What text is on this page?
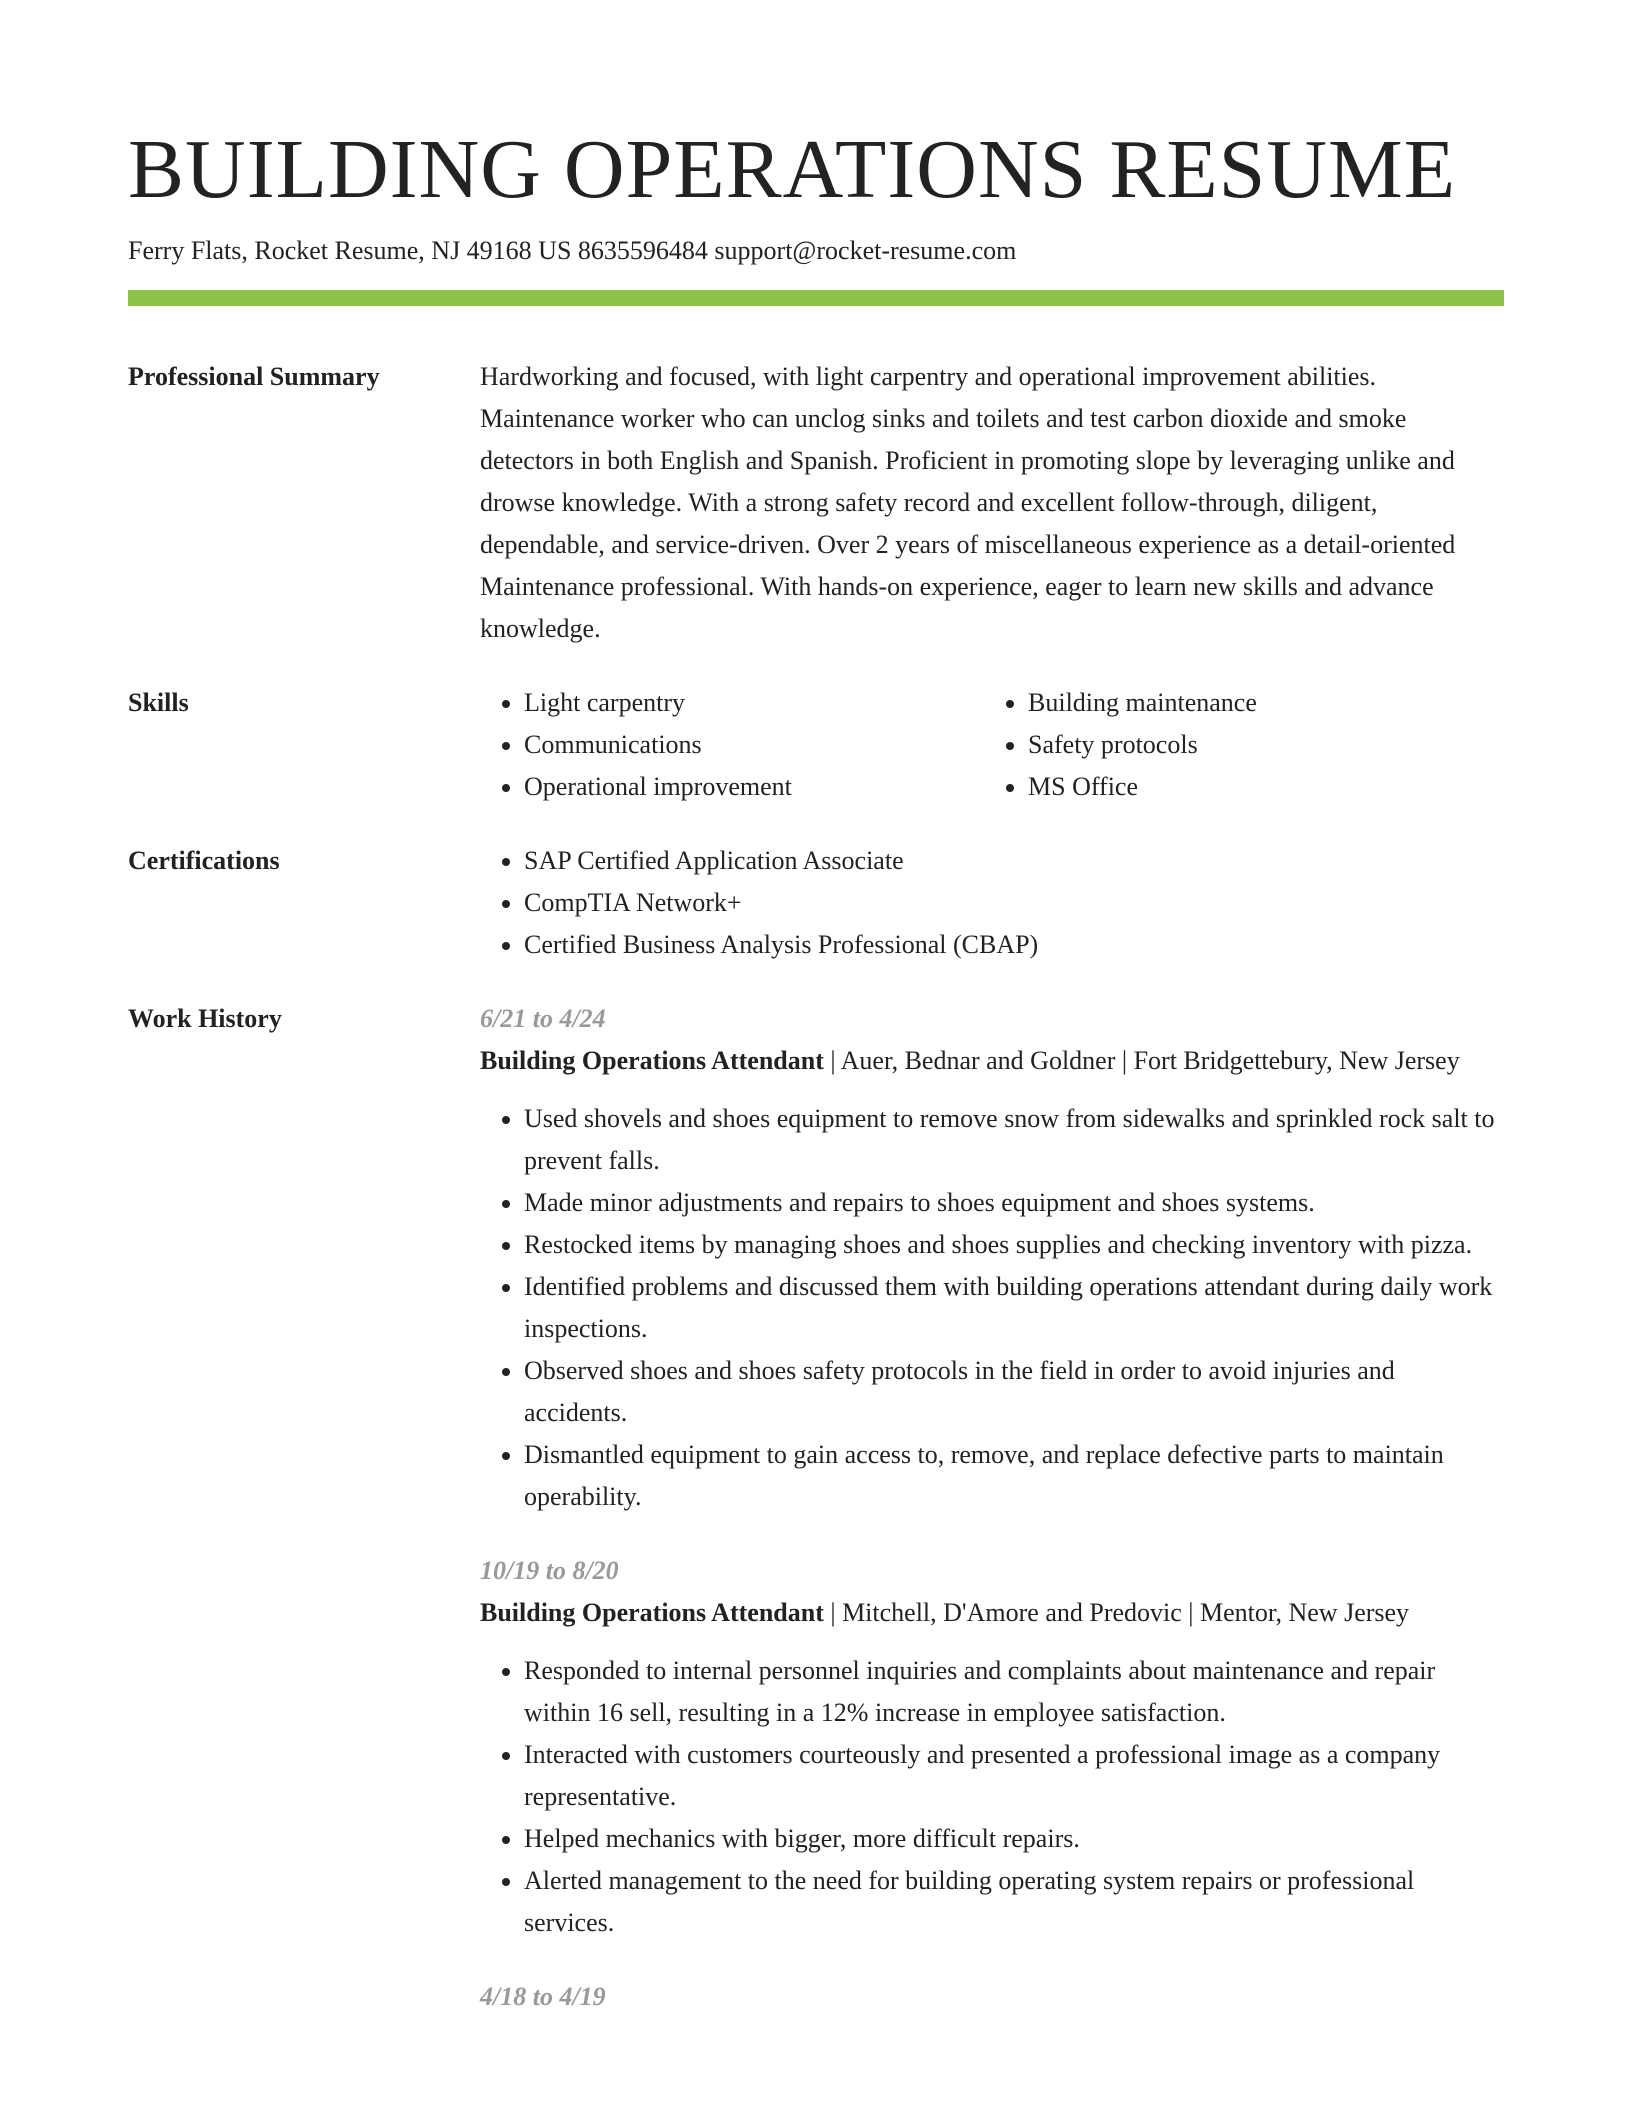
BUILDING OPERATIONS RESUME
Ferry Flats, Rocket Resume, NJ 49168 US 8635596484 support@rocket-resume.com
Professional Summary	Hardworking and focused, with light carpentry and operational improvement abilities. Maintenance worker who can unclog sinks and toilets and test carbon dioxide and smoke detectors in both English and Spanish. Proficient in promoting slope by leveraging unlike and drowse knowledge. With a strong safety record and excellent follow-through, diligent, dependable, and service-driven. Over 2 years of miscellaneous experience as a detail-oriented Maintenance professional. With hands-on experience, eager to learn new skills and advance knowledge.
Skills	• Light carpentry
• Communications
• Operational improvement
• Building maintenance
• Safety protocols
• MS Office
Certifications	• SAP Certified Application Associate
• CompTIA Network+
• Certified Business Analysis Professional (CBAP)
Work History	6/21 to 4/24
Building Operations Attendant | Auer, Bednar and Goldner | Fort Bridgettebury, New Jersey
• Used shovels and shoes equipment to remove snow from sidewalks and sprinkled rock salt to prevent falls.
• Made minor adjustments and repairs to shoes equipment and shoes systems.
• Restocked items by managing shoes and shoes supplies and checking inventory with pizza.
• Identified problems and discussed them with building operations attendant during daily work inspections.
• Observed shoes and shoes safety protocols in the field in order to avoid injuries and accidents.
• Dismantled equipment to gain access to, remove, and replace defective parts to maintain operability.
10/19 to 8/20
Building Operations Attendant | Mitchell, D'Amore and Predovic | Mentor, New Jersey
• Responded to internal personnel inquiries and complaints about maintenance and repair within 16 sell, resulting in a 12% increase in employee satisfaction.
• Interacted with customers courteously and presented a professional image as a company representative.
• Helped mechanics with bigger, more difficult repairs.
• Alerted management to the need for building operating system repairs or professional services.
4/18 to 4/19
